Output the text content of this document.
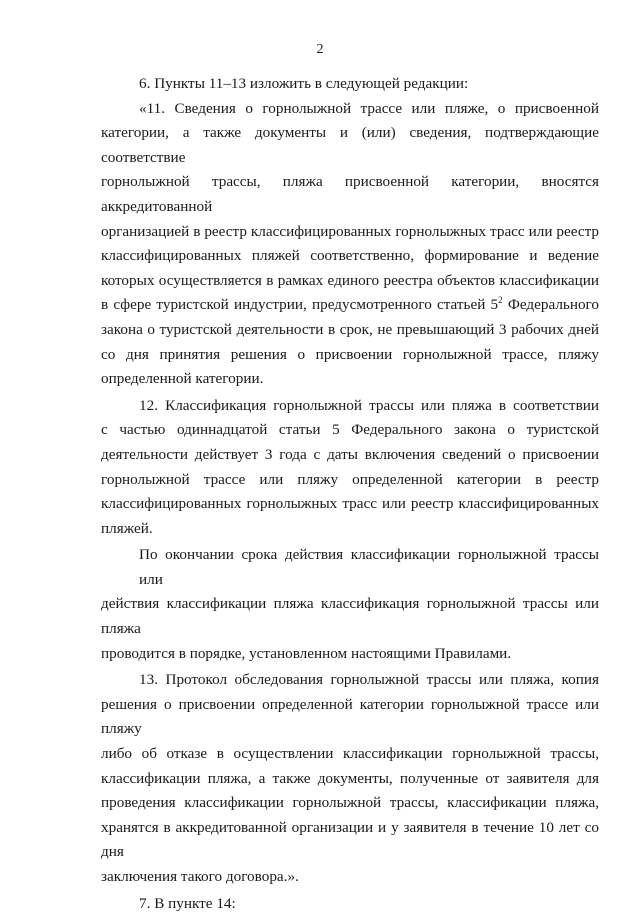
2
6. Пункты 11–13 изложить в следующей редакции:
«11. Сведения о горнолыжной трассе или пляже, о присвоенной
категории, а также документы и (или) сведения, подтверждающие соответствие
горнолыжной трассы, пляжа присвоенной категории, вносятся аккредитованной
организацией в реестр классифицированных горнолыжных трасс или реестр
классифицированных пляжей соответственно, формирование и ведение
которых осуществляется в рамках единого реестра объектов классификации
в сфере туристской индустрии, предусмотренного статьей $5^2$ Федерального
закона о туристской деятельности в срок, не превышающий 3 рабочих дней
со дня принятия решения о присвоении горнолыжной трассе, пляжу
определенной категории.
12. Классификация горнолыжной трассы или пляжа в соответствии
с частью одиннадцатой статьи 5 Федерального закона о туристской
деятельности действует 3 года с даты включения сведений о присвоении
горнолыжной трассе или пляжу определенной категории в реестр
классифицированных горнолыжных трасс или реестр классифицированных
пляжей.
По окончании срока действия классификации горнолыжной трассы или
действия классификации пляжа классификация горнолыжной трассы или пляжа
проводится в порядке, установленном настоящими Правилами.
13. Протокол обследования горнолыжной трассы или пляжа, копия
решения о присвоении определенной категории горнолыжной трассе или пляжу
либо об отказе в осуществлении классификации горнолыжной трассы,
классификации пляжа, а также документы, полученные от заявителя для
проведения классификации горнолыжной трассы, классификации пляжа,
хранятся в аккредитованной организации и у заявителя в течение 10 лет со дня
заключения такого договора.».
7. В пункте 14:
